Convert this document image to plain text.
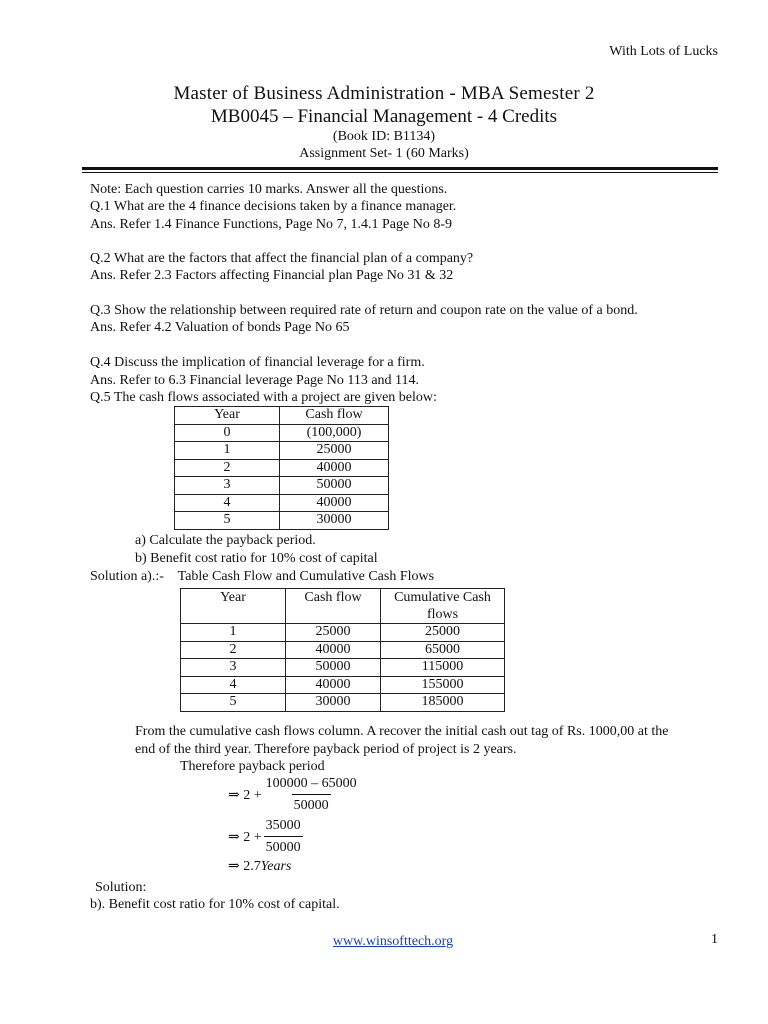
With Lots of Lucks
Master of Business Administration - MBA Semester 2
MB0045 – Financial Management - 4 Credits
(Book ID: B1134)
Assignment Set- 1 (60 Marks)
Note: Each question carries 10 marks. Answer all the questions.
Q.1 What are the 4 finance decisions taken by a finance manager.
Ans. Refer 1.4 Finance Functions, Page No 7, 1.4.1 Page No 8-9
Q.2 What are the factors that affect the financial plan of a company?
Ans. Refer 2.3 Factors affecting Financial plan Page No 31 & 32
Q.3 Show the relationship between required rate of return and coupon rate on the value of a bond.
Ans. Refer 4.2 Valuation of bonds Page No 65
Q.4 Discuss the implication of financial leverage for a firm.
Ans. Refer to 6.3 Financial leverage Page No 113 and 114.
Q.5 The cash flows associated with a project are given below:
Year	Cash flow
0	(100,000)
1	25000
2	40000
3	50000
4	40000
5	30000
a) Calculate the payback period.
b) Benefit cost ratio for 10% cost of capital
Solution a).:-    Table Cash Flow and Cumulative Cash Flows
Year	Cash flow	Cumulative Cash
flows

1	25000	25000
2	40000	65000
3	50000	115000
4	40000	155000
5	30000	185000
From the cumulative cash flows column. A recover the initial cash out tag of Rs. 1000,00 at the
end of the third year. Therefore payback period of project is 2 years.
Therefore payback period
⇒ $2 + \frac{100000 - 65000}{50000}$
⇒ $2 + \frac{35000}{50000}$
⇒ 2.7Years
Solution:
b). Benefit cost ratio for 10% cost of capital.
www.winsofttech.org	1
